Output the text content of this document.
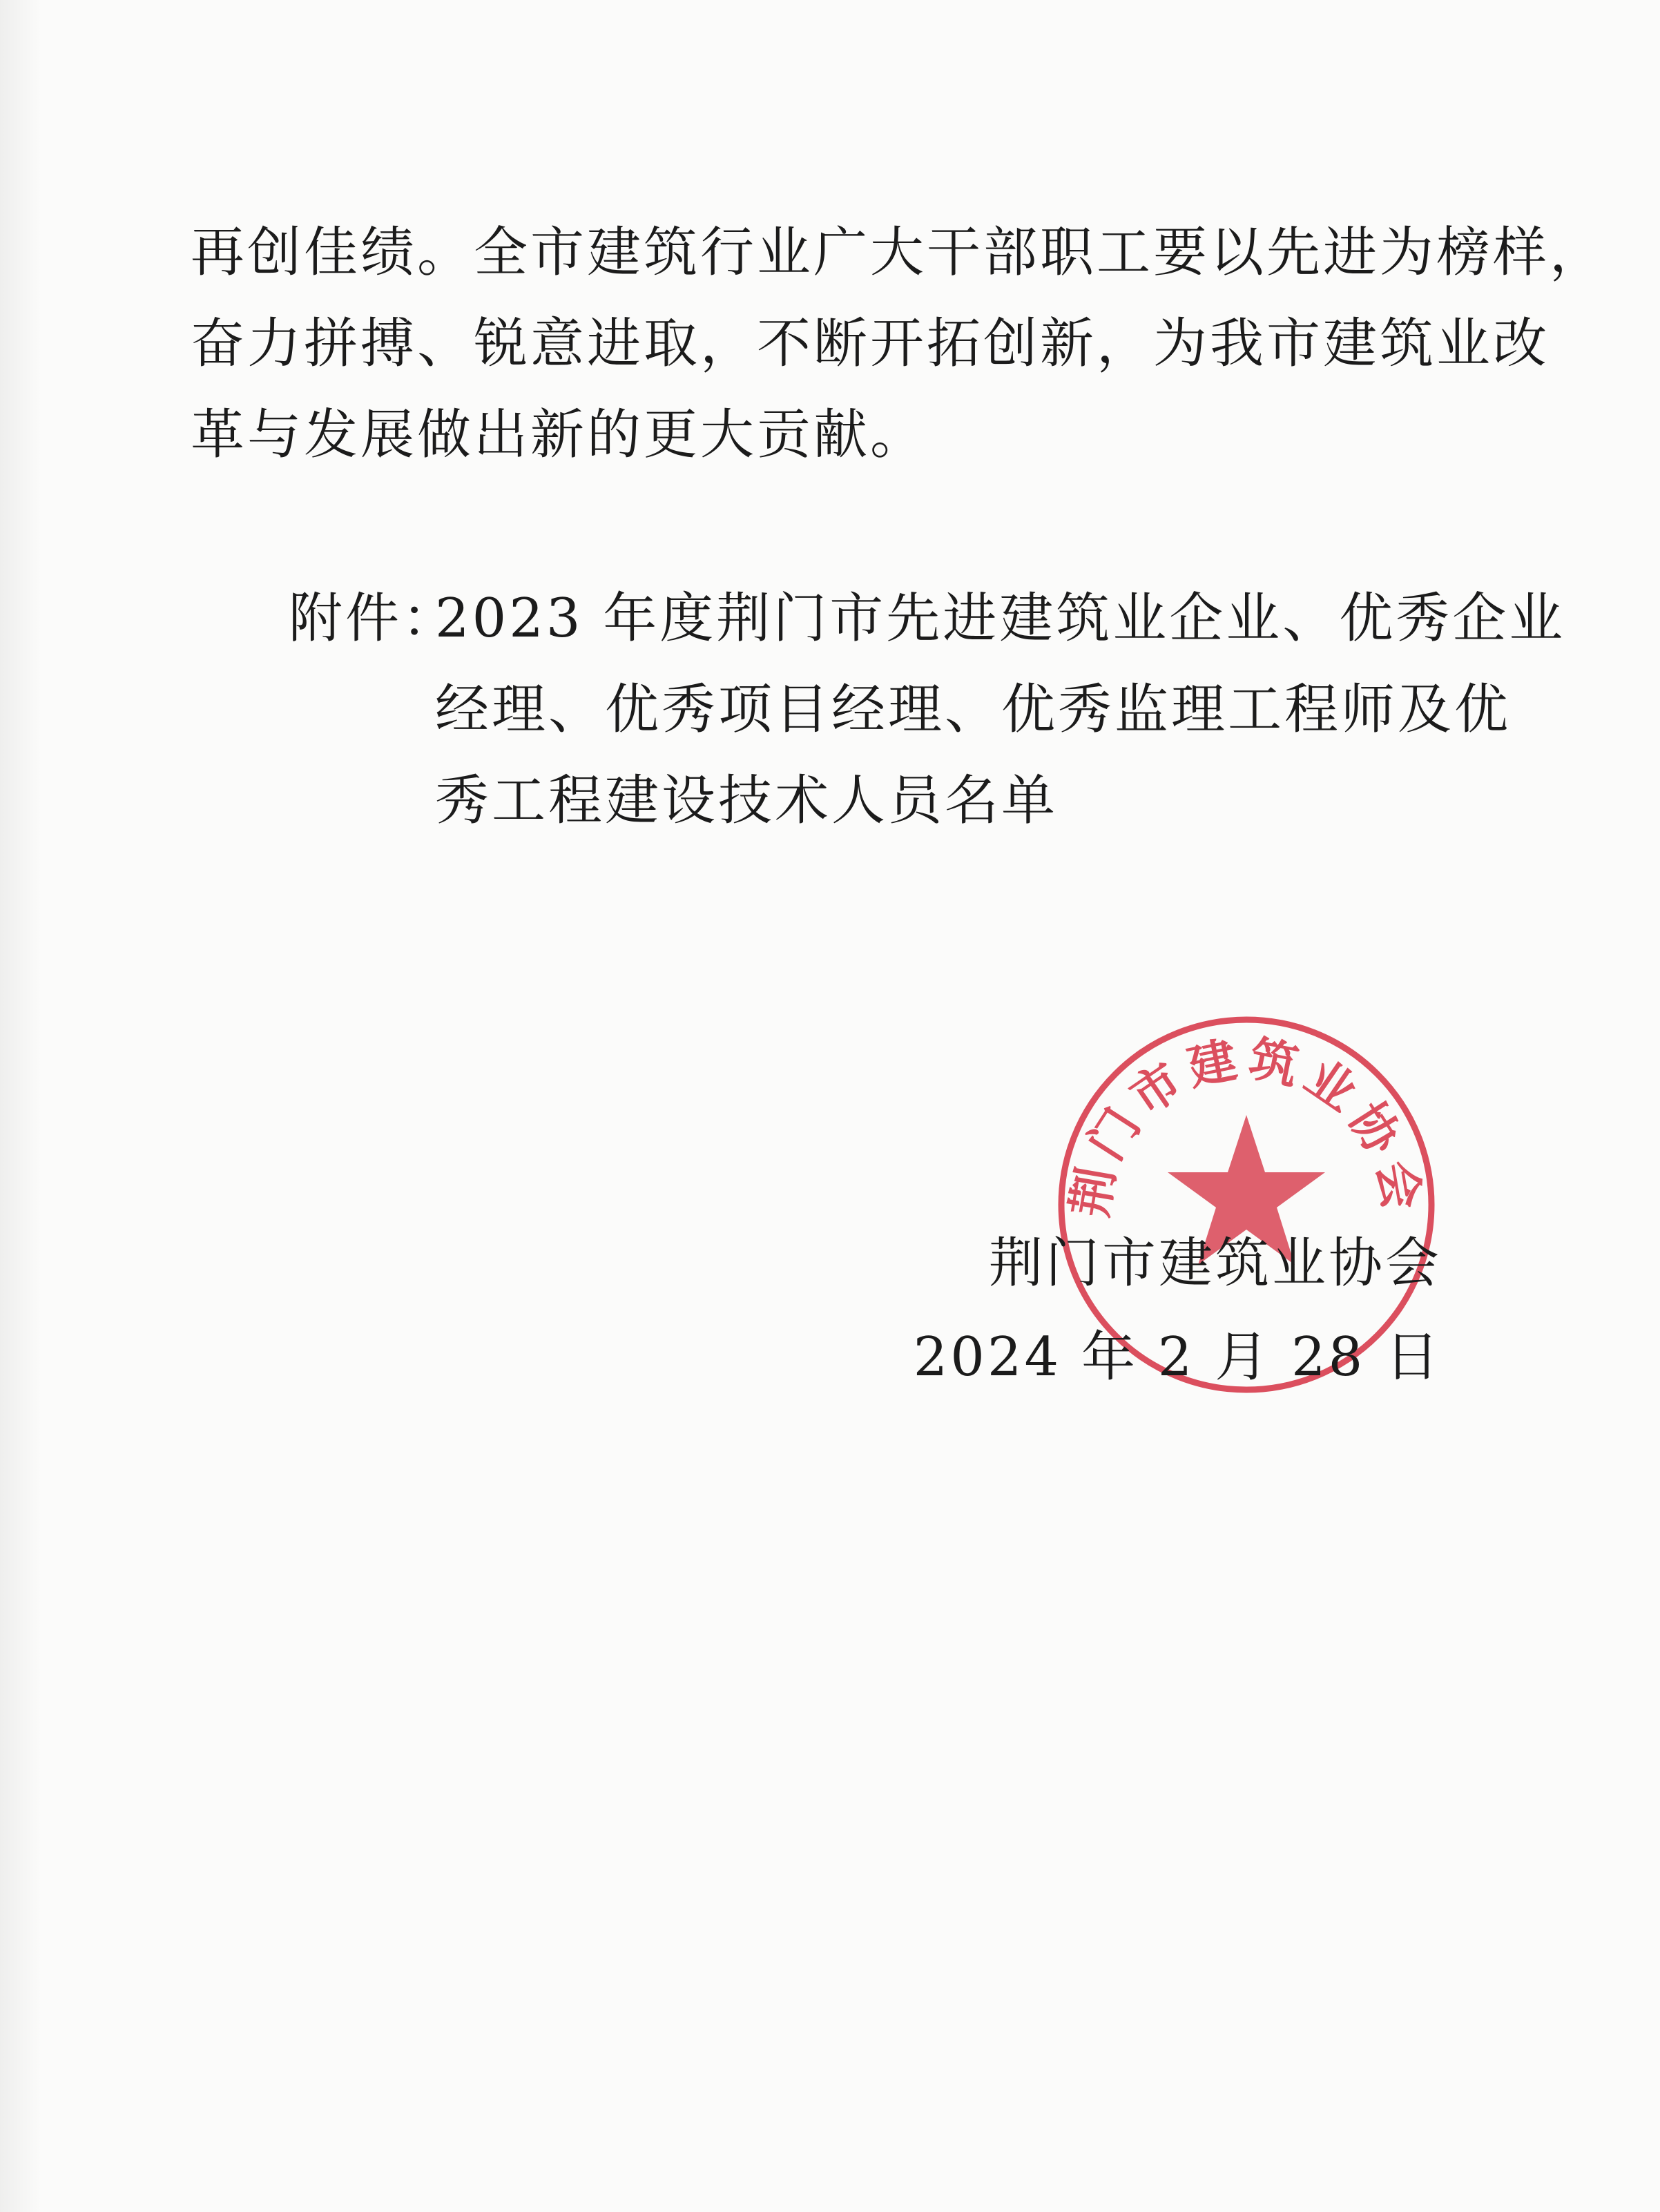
再创佳绩。全市建筑行业广大干部职工要以先进为榜样，
奋力拼搏、锐意进取，不断开拓创新，为我市建筑业改
革与发展做出新的更大贡献。
附件：
2023 年度荆门市先进建筑业企业、优秀企业
经理、优秀项目经理、优秀监理工程师及优
秀工程建设技术人员名单
荆门市建筑业协会
荆门市建筑业协会
2024 年 2 月 28 日
